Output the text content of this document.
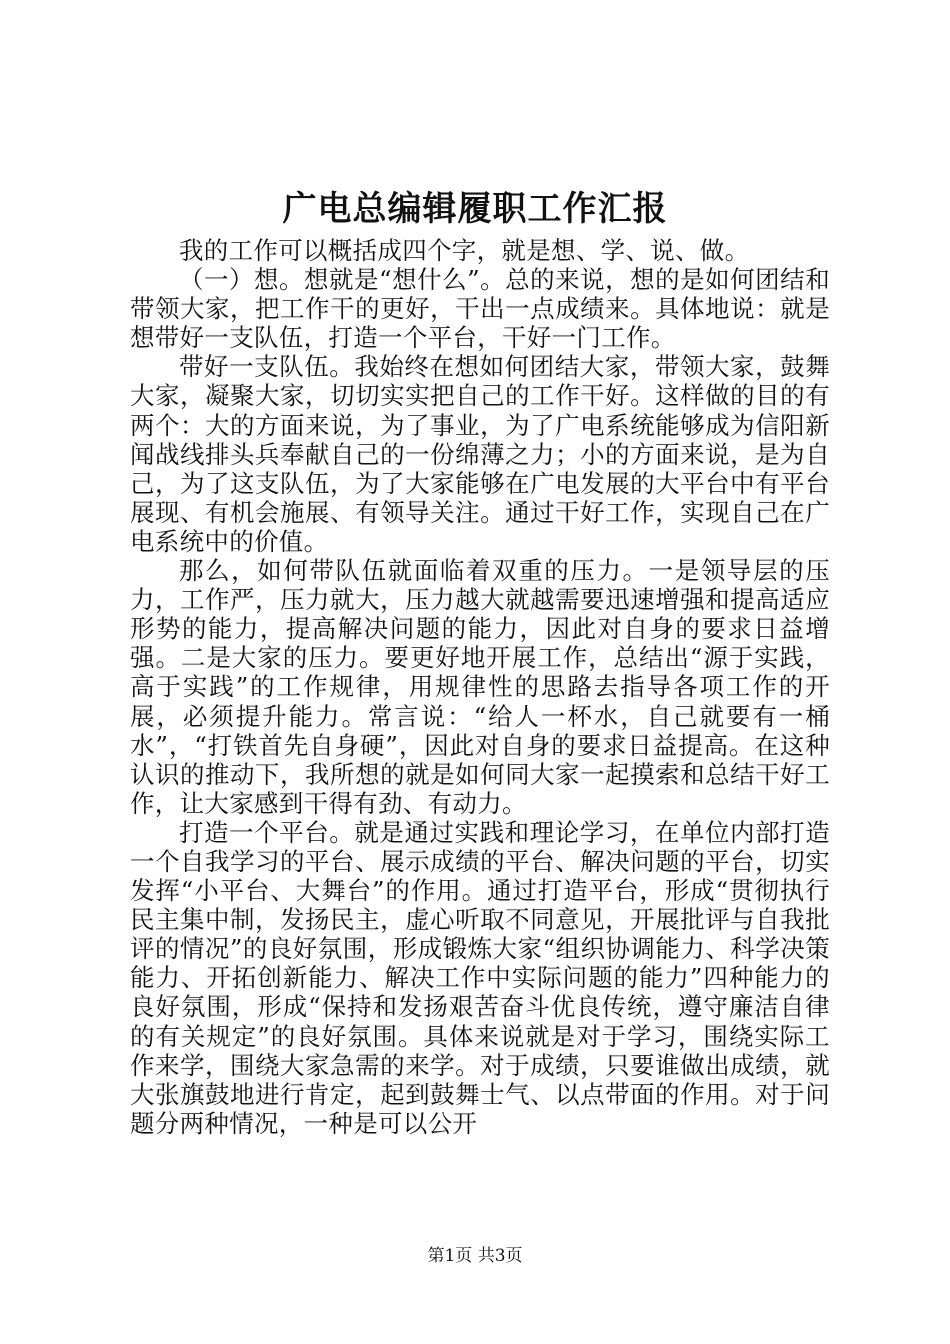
广电总编辑履职工作汇报

我的工作可以概括成四个字，就是想、学、说、做。

（一）想。想就是“想什么”。总的来说，想的是如何团结和带领大家，把工作干的更好，干出一点成绩来。具体地说：就是想带好一支队伍，打造一个平台，干好一门工作。

带好一支队伍。我始终在想如何团结大家，带领大家，鼓舞大家，凝聚大家，切切实实把自己的工作干好。这样做的目的有两个：大的方面来说，为了事业，为了广电系统能够成为信阳新闻战线排头兵奉献自己的一份绵薄之力；小的方面来说，是为自己，为了这支队伍，为了大家能够在广电发展的大平台中有平台展现、有机会施展、有领导关注。通过干好工作，实现自己在广电系统中的价值。

那么，如何带队伍就面临着双重的压力。一是领导层的压力，工作严，压力就大，压力越大就越需要迅速增强和提高适应形势的能力，提高解决问题的能力，因此对自身的要求日益增强。二是大家的压力。要更好地开展工作，总结出“源于实践，高于实践”的工作规律，用规律性的思路去指导各项工作的开展，必须提升能力。常言说：“给人一杯水，自己就要有一桶水”，“打铁首先自身硬”，因此对自身的要求日益提高。在这种认识的推动下，我所想的就是如何同大家一起摸索和总结干好工作，让大家感到干得有劲、有动力。

打造一个平台。就是通过实践和理论学习，在单位内部打造一个自我学习的平台、展示成绩的平台、解决问题的平台，切实发挥“小平台、大舞台”的作用。通过打造平台，形成“贯彻执行民主集中制，发扬民主，虚心听取不同意见，开展批评与自我批评的情况”的良好氛围，形成锻炼大家“组织协调能力、科学决策能力、开拓创新能力、解决工作中实际问题的能力”四种能力的良好氛围，形成“保持和发扬艰苦奋斗优良传统，遵守廉洁自律的有关规定”的良好氛围。具体来说就是对于学习，围绕实际工作来学，围绕大家急需的来学。对于成绩，只要谁做出成绩，就大张旗鼓地进行肯定，起到鼓舞士气、以点带面的作用。对于问题分两种情况，一种是可以公开

第1页 共3页
